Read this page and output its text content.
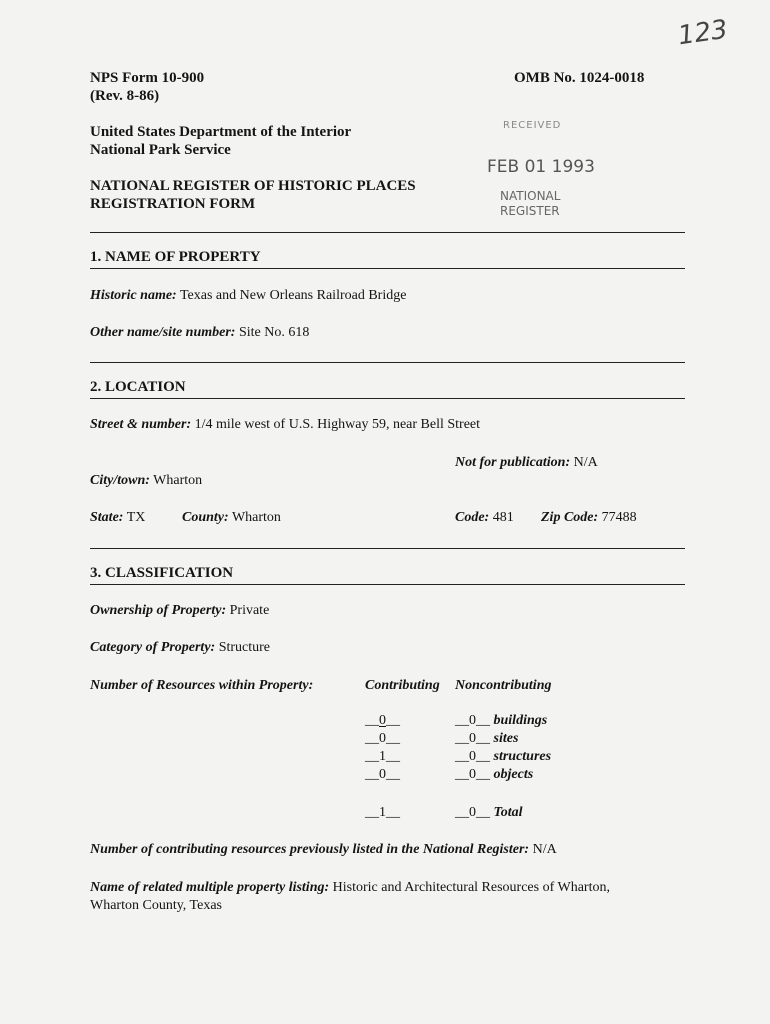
123
NPS Form 10-900
(Rev. 8-86)
OMB No. 1024-0018
United States Department of the Interior
National Park Service
NATIONAL REGISTER OF HISTORIC PLACES
REGISTRATION FORM
RECEIVED
FEB 01 1993
NATIONAL
REGISTER
1. NAME OF PROPERTY
Historic name: Texas and New Orleans Railroad Bridge
Other name/site number: Site No. 618
2. LOCATION
Street & number: 1/4 mile west of U.S. Highway 59, near Bell Street
Not for publication: N/A
City/town: Wharton
State: TX	County: Wharton	Code: 481 Zip Code: 77488
3. CLASSIFICATION
Ownership of Property: Private
Category of Property: Structure
Number of Resources within Property:	Contributing Noncontributing
__0__	__0__ buildings
__0__	__0__ sites
__1__	__0__ structures
__0__	__0__ objects
__1__	__0__ Total
Number of contributing resources previously listed in the National Register: N/A
Name of related multiple property listing: Historic and Architectural Resources of Wharton,
Wharton County, Texas
